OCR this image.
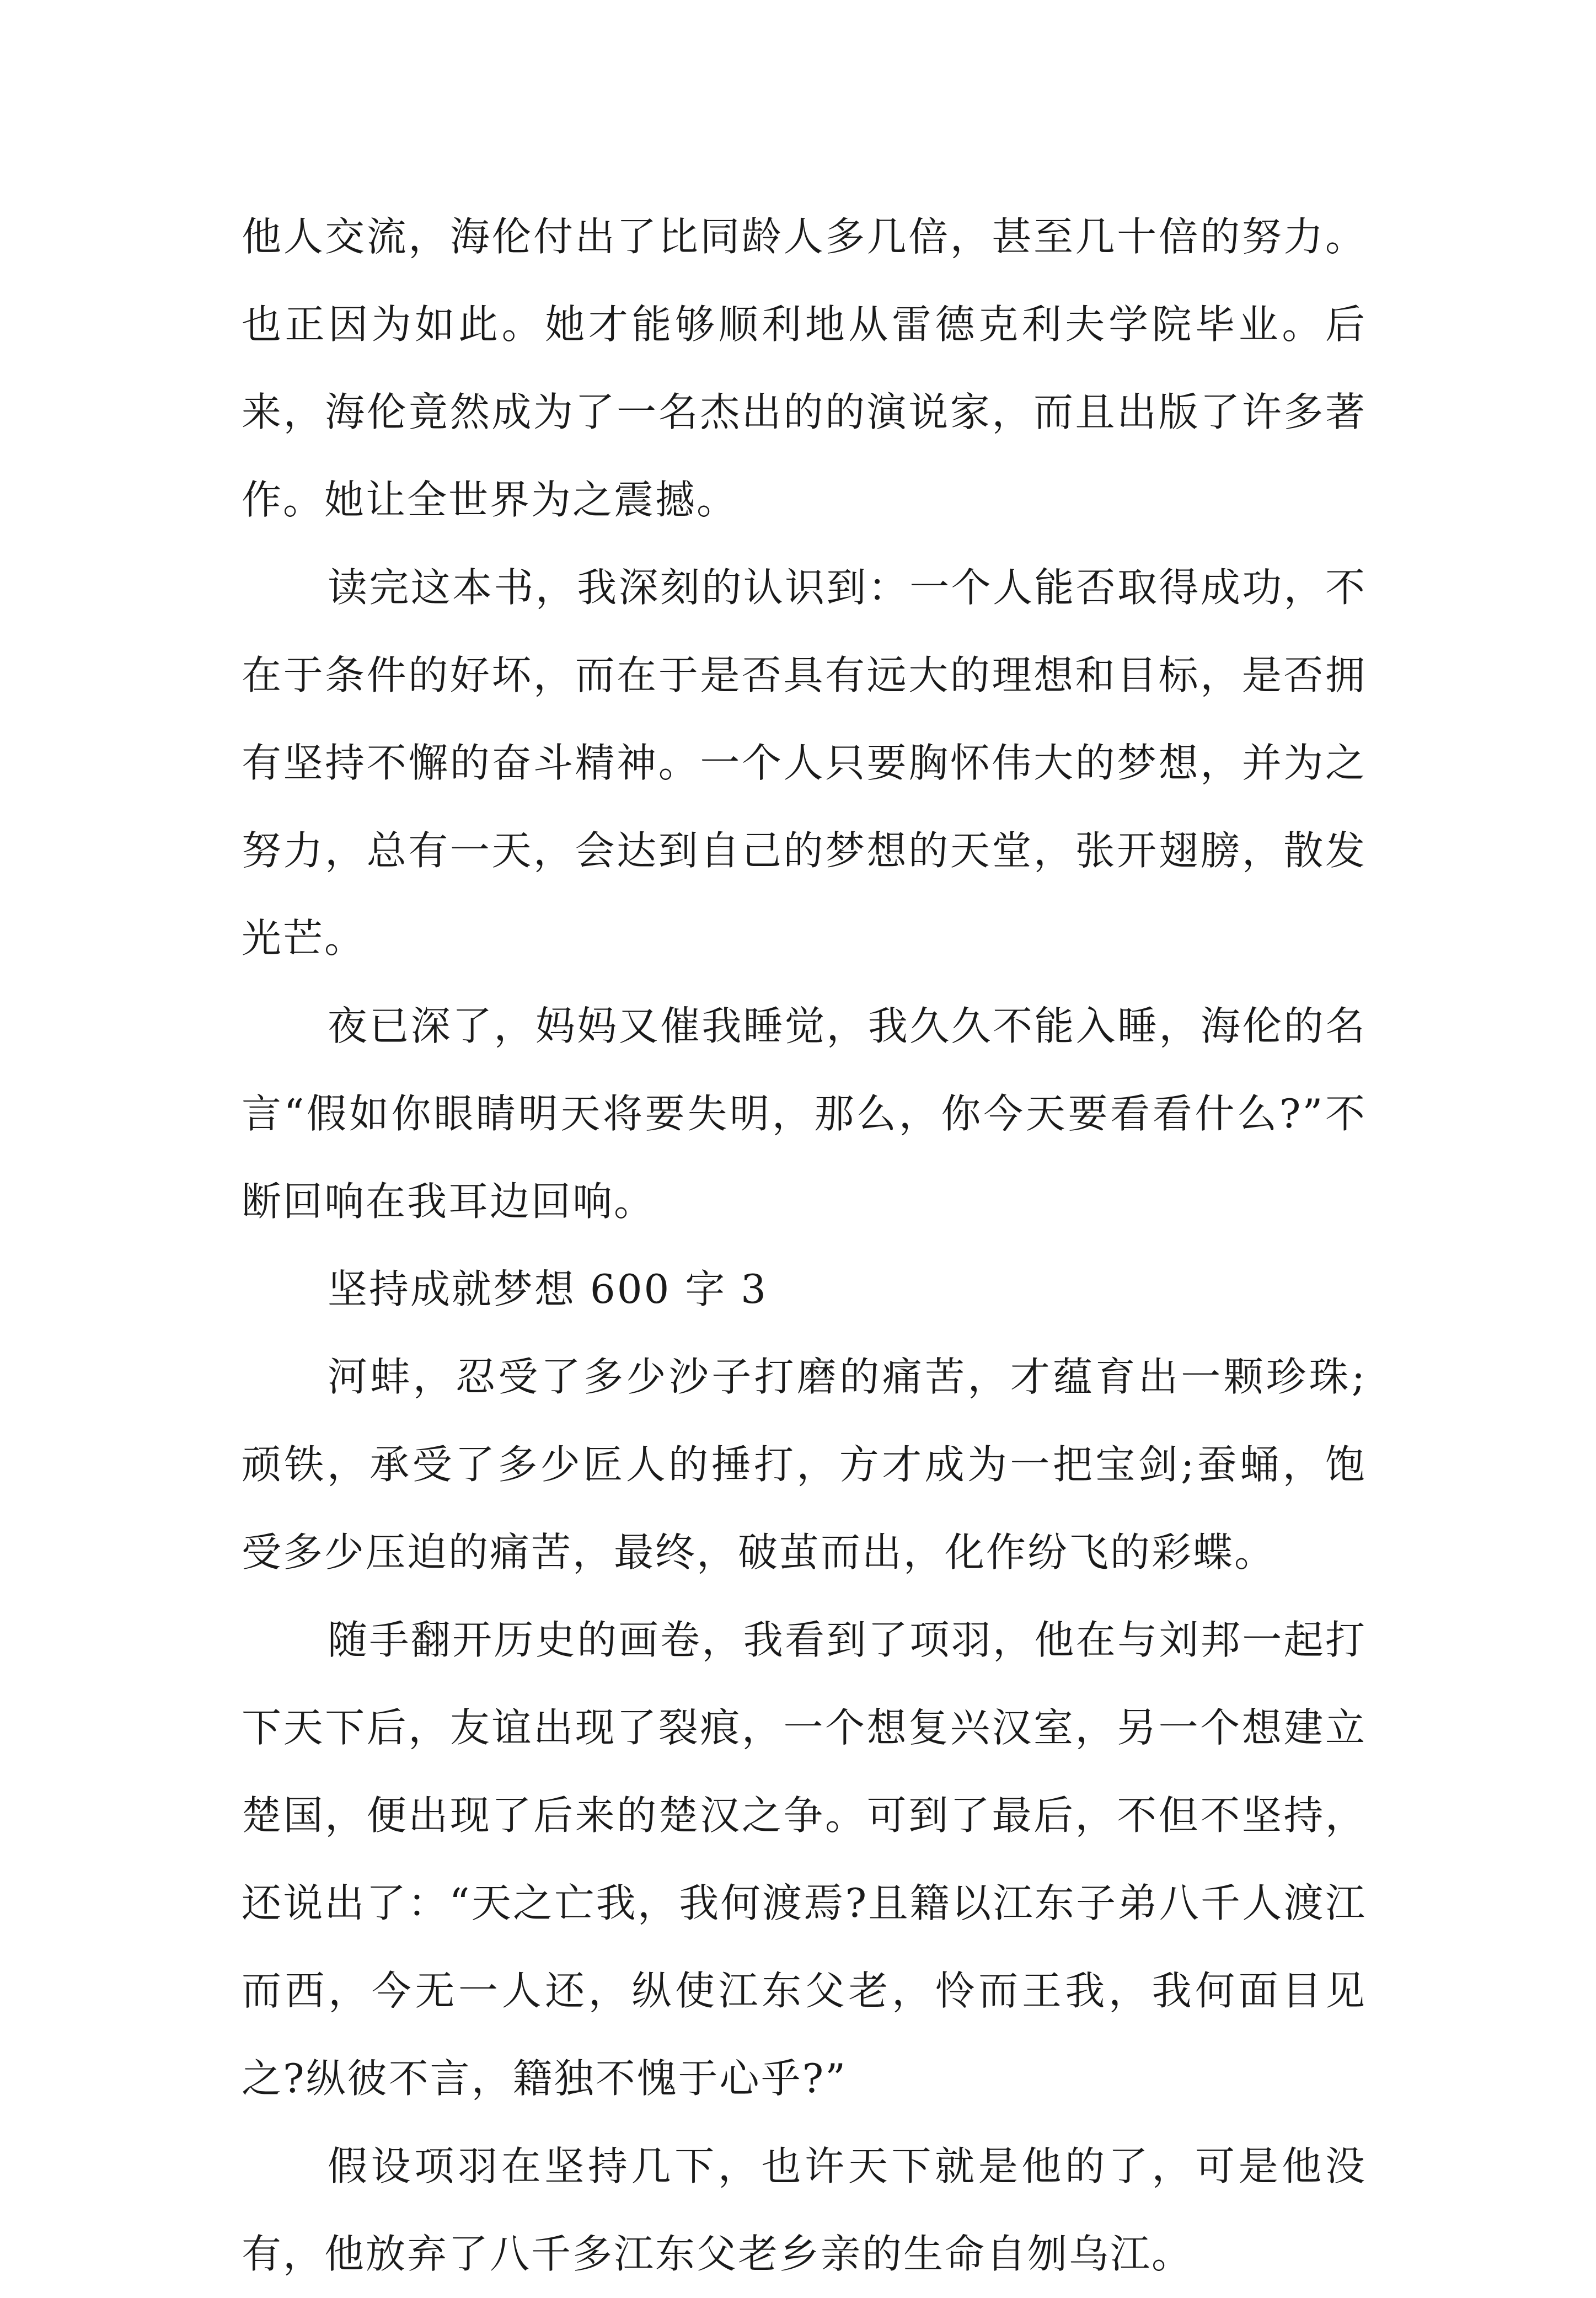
他人交流，海伦付出了比同龄人多几倍，甚至几十倍的努力。也正因为如此。她才能够顺利地从雷德克利夫学院毕业。后来，海伦竟然成为了一名杰出的的演说家，而且出版了许多著作。她让全世界为之震撼。

读完这本书，我深刻的认识到：一个人能否取得成功，不在于条件的好坏，而在于是否具有远大的理想和目标，是否拥有坚持不懈的奋斗精神。一个人只要胸怀伟大的梦想，并为之努力，总有一天，会达到自己的梦想的天堂，张开翅膀，散发光芒。

夜已深了，妈妈又催我睡觉，我久久不能入睡，海伦的名言“假如你眼睛明天将要失明，那么，你今天要看看什么?”不断回响在我耳边回响。

坚持成就梦想 600 字 3

河蚌，忍受了多少沙子打磨的痛苦，才蕴育出一颗珍珠;顽铁，承受了多少匠人的捶打，方才成为一把宝剑;蚕蛹，饱受多少压迫的痛苦，最终，破茧而出，化作纷飞的彩蝶。

随手翻开历史的画卷，我看到了项羽，他在与刘邦一起打下天下后，友谊出现了裂痕，一个想复兴汉室，另一个想建立楚国，便出现了后来的楚汉之争。可到了最后，不但不坚持，还说出了：“天之亡我，我何渡焉?且籍以江东子弟八千人渡江而西，今无一人还，纵使江东父老，怜而王我，我何面目见之?纵彼不言，籍独不愧于心乎?”

假设项羽在坚持几下，也许天下就是他的了，可是他没有，他放弃了八千多江东父老乡亲的生命自刎乌江。
